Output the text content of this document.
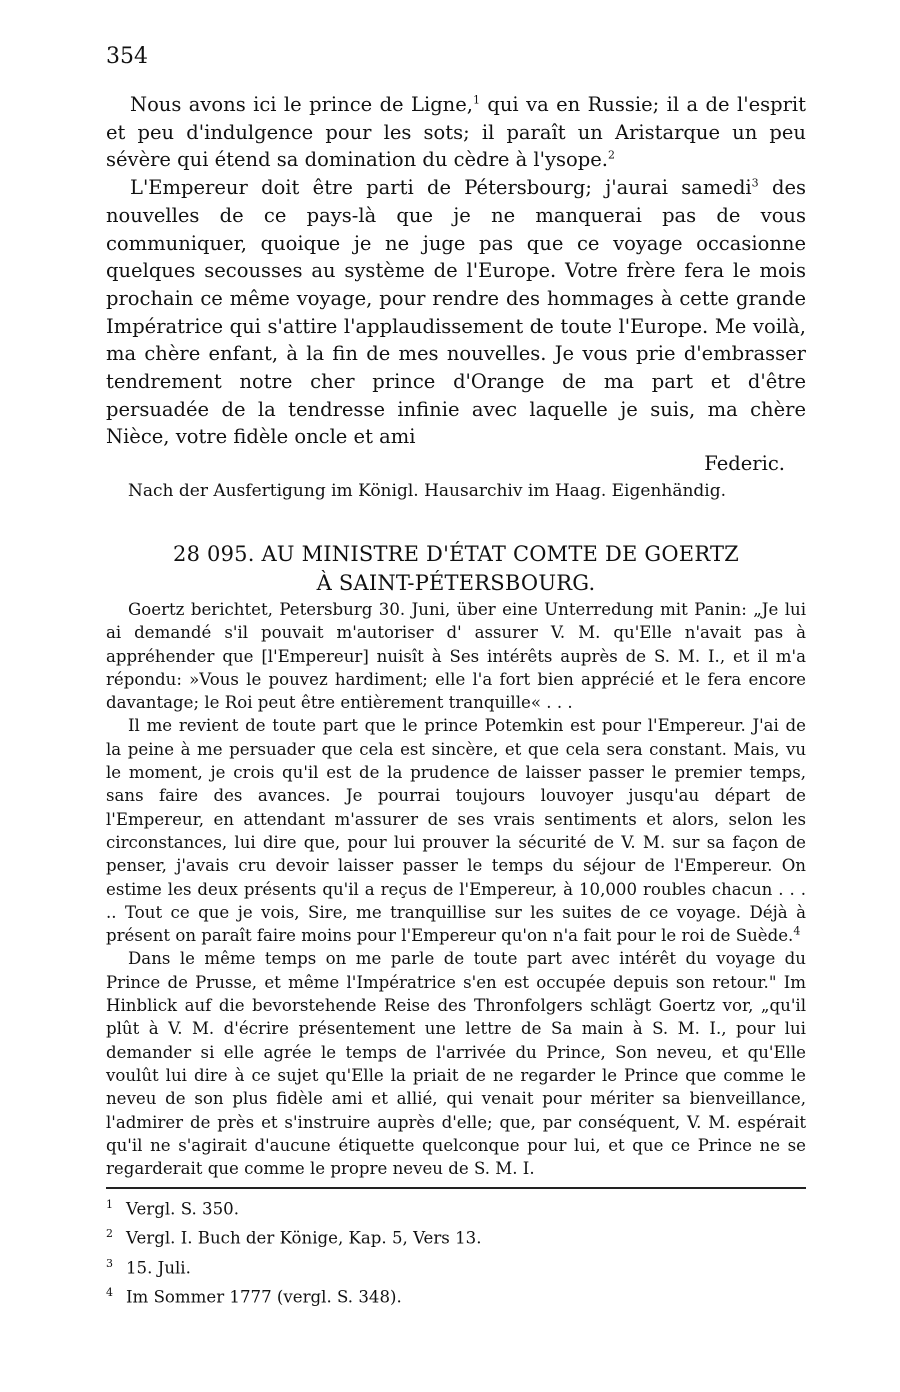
354

Nous avons ici le prince de Ligne,$^1$ qui va en Russie; il a de l'esprit et peu d'indulgence pour les sots; il paraît un Aristarque un peu sévère qui étend sa domination du cèdre à l'ysope.$^2$

L'Empereur doit être parti de Pétersbourg; j'aurai samedi$^3$ des nouvelles de ce pays-là que je ne manquerai pas de vous communiquer, quoique je ne juge pas que ce voyage occasionne quelques secousses au système de l'Europe. Votre frère fera le mois prochain ce même voyage, pour rendre des hommages à cette grande Impératrice qui s'attire l'applaudissement de toute l'Europe. Me voilà, ma chère enfant, à la fin de mes nouvelles. Je vous prie d'embrasser tendrement notre cher prince d'Orange de ma part et d'être persuadée de la tendresse infinie avec laquelle je suis, ma chère Nièce, votre fidèle oncle et ami

Federic.
Nach der Ausfertigung im Königl. Hausarchiv im Haag. Eigenhändig.
28 095. AU MINISTRE D'ÉTAT COMTE DE GOERTZ
À SAINT-PÉTERSBOURG.

Goertz berichtet, Petersburg 30. Juni, über eine Unterredung mit Panin: „Je lui ai demandé s'il pouvait m'autoriser d' assurer V. M. qu'Elle n'avait pas à appréhender que [l'Empereur] nuisît à Ses intérêts auprès de S. M. I., et il m'a répondu: »Vous le pouvez hardiment; elle l'a fort bien apprécié et le fera encore davantage; le Roi peut être entièrement tranquille« . . .

Il me revient de toute part que le prince Potemkin est pour l'Empereur. J'ai de la peine à me persuader que cela est sincère, et que cela sera constant. Mais, vu le moment, je crois qu'il est de la prudence de laisser passer le premier temps, sans faire des avances. Je pourrai toujours louvoyer jusqu'au départ de l'Empereur, en attendant m'assurer de ses vrais sentiments et alors, selon les circonstances, lui dire que, pour lui prouver la sécurité de V. M. sur sa façon de penser, j'avais cru devoir laisser passer le temps du séjour de l'Empereur. On estime les deux présents qu'il a reçus de l'Empereur, à 10,000 roubles chacun . . . .. Tout ce que je vois, Sire, me tranquillise sur les suites de ce voyage. Déjà à présent on paraît faire moins pour l'Empereur qu'on n'a fait pour le roi de Suède.$^4$

Dans le même temps on me parle de toute part avec intérêt du voyage du Prince de Prusse, et même l'Impératrice s'en est occupée depuis son retour." Im Hinblick auf die bevorstehende Reise des Thronfolgers schlägt Goertz vor, „qu'il plût à V. M. d'écrire présentement une lettre de Sa main à S. M. I., pour lui demander si elle agrée le temps de l'arrivée du Prince, Son neveu, et qu'Elle voulût lui dire à ce sujet qu'Elle la priait de ne regarder le Prince que comme le neveu de son plus fidèle ami et allié, qui venait pour mériter sa bienveillance, l'admirer de près et s'instruire auprès d'elle; que, par conséquent, V. M. espérait qu'il ne s'agirait d'aucune étiquette quelconque pour lui, et que ce Prince ne se regarderait que comme le propre neveu de S. M. I.

1 Vergl. S. 350.
2 Vergl. I. Buch der Könige, Kap. 5, Vers 13.
3 15. Juli.
4 Im Sommer 1777 (vergl. S. 348).
